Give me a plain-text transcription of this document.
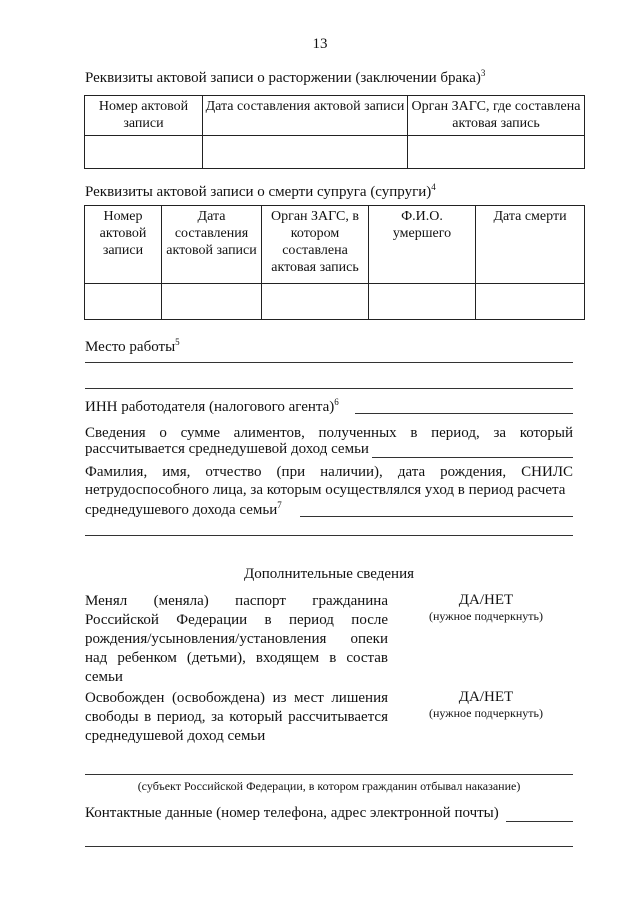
13
Реквизиты актовой записи о расторжении (заключении брака)$^3$
Номер актовой записи	Дата составления актовой записи	Орган ЗАГС, где составлена актовая запись

Реквизиты актовой записи о смерти супруга (супруги)$^4$
Номер актовой записи	Дата составления актовой записи	Орган ЗАГС, в котором составлена актовая запись	Ф.И.О. умершего	Дата смерти

Место работы$^5$
ИНН работодателя (налогового агента)$^6$
Сведения о сумме алиментов, полученных в период, за который
рассчитывается среднедушевой доход семьи
Фамилия, имя, отчество (при наличии), дата рождения, СНИЛС
нетрудоспособного лица, за которым осуществлялся уход в период расчета
среднедушевого дохода семьи$^7$
Дополнительные сведения
Менял (меняла) паспорт гражданина Российской Федерации в период после рождения/усыновления/установления опеки над ребенком (детьми), входящем в состав семьи
ДА/НЕТ
(нужное подчеркнуть)
Освобожден (освобождена) из мест лишения свободы в период, за который рассчитывается среднедушевой доход семьи
ДА/НЕТ
(нужное подчеркнуть)
(субъект Российской Федерации, в котором гражданин отбывал наказание)
Контактные данные (номер телефона, адрес электронной почты)
